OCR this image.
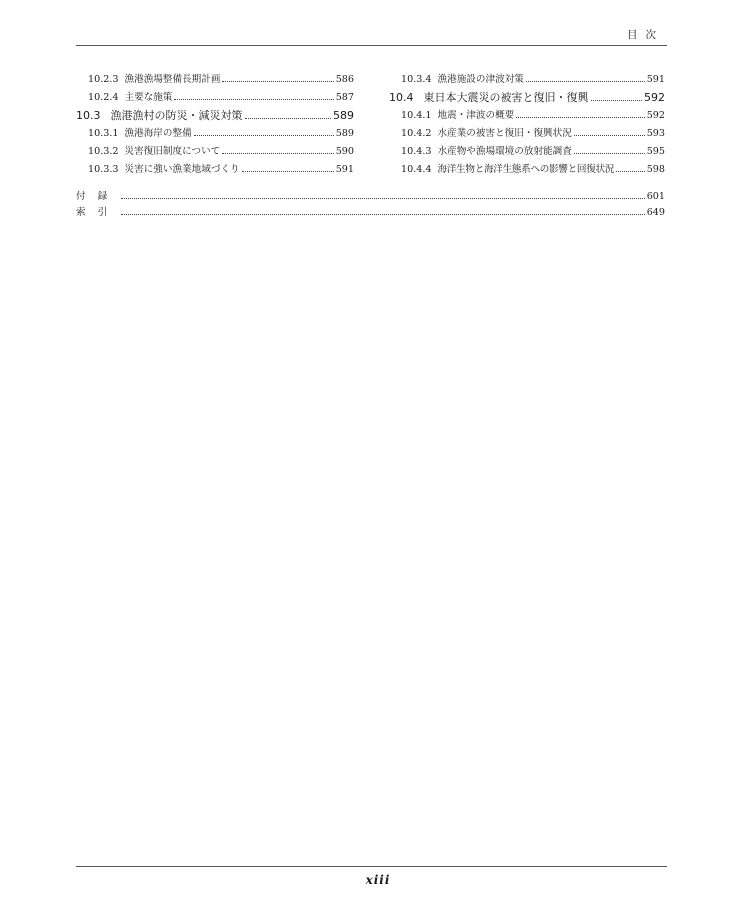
目次
10.2.3 漁港漁場整備長期計画	586
10.2.4 主要な施策	587
10.3 漁港漁村の防災・減災対策	589
10.3.1 漁港海岸の整備	589
10.3.2 災害復旧制度について	590
10.3.3 災害に強い漁業地域づくり	591
10.3.4 漁港施設の津波対策	591
10.4 東日本大震災の被害と復旧・復興	592
10.4.1 地震・津波の概要	592
10.4.2 水産業の被害と復旧・復興状況	593
10.4.3 水産物や漁場環境の放射能調査	595
10.4.4 海洋生物と海洋生態系への影響と回復状況	598
付録	601
索引	649
xiii
